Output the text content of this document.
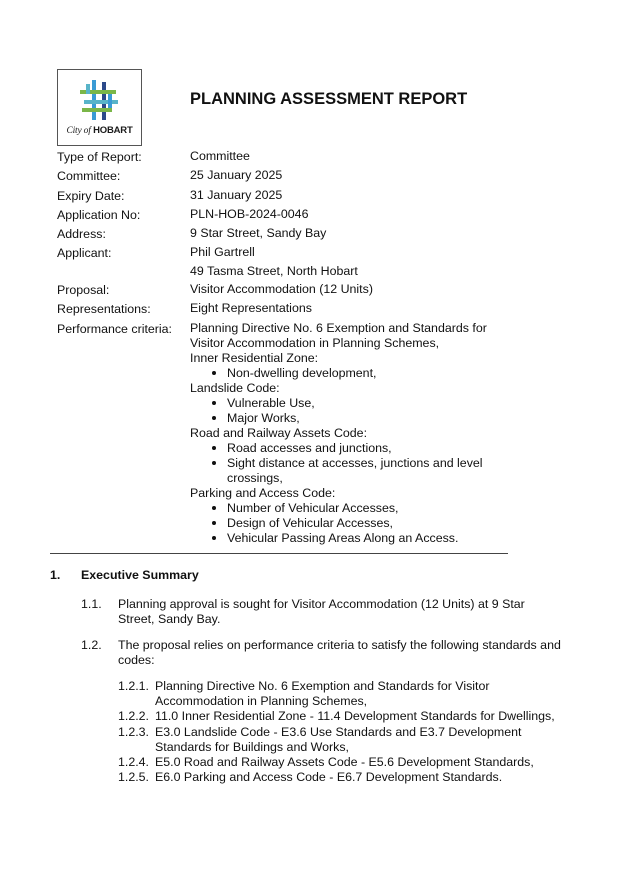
City of HOBART
PLANNING ASSESSMENT REPORT
Type of Report:	Committee
Committee:	25 January 2025
Expiry Date:	31 January 2025
Application No:	PLN-HOB-2024-0046
Address:	9 Star Street, Sandy Bay
Applicant:	Phil Gartrell
49 Tasma Street, North Hobart
Proposal:	Visitor Accommodation (12 Units)
Representations:	Eight Representations
Performance criteria:	Planning Directive No. 6 Exemption and Standards for
Visitor Accommodation in Planning Schemes,
Inner Residential Zone:
Non-dwelling development,
Landslide Code:
Vulnerable Use,
Major Works,
Road and Railway Assets Code:
Road accesses and junctions,
Sight distance at accesses, junctions and level
crossings,
Parking and Access Code:
Number of Vehicular Accesses,
Design of Vehicular Accesses,
Vehicular Passing Areas Along an Access.
1.	Executive Summary
1.1.	Planning approval is sought for Visitor Accommodation (12 Units) at 9 Star
Street, Sandy Bay.
1.2.	The proposal relies on performance criteria to satisfy the following standards and
codes:
1.2.1. Planning Directive No. 6 Exemption and Standards for Visitor
Accommodation in Planning Schemes,
1.2.2. 11.0 Inner Residential Zone - 11.4 Development Standards for Dwellings,
1.2.3. E3.0 Landslide Code - E3.6 Use Standards and E3.7 Development
Standards for Buildings and Works,
1.2.4. E5.0 Road and Railway Assets Code - E5.6 Development Standards,
1.2.5. E6.0 Parking and Access Code - E6.7 Development Standards.
